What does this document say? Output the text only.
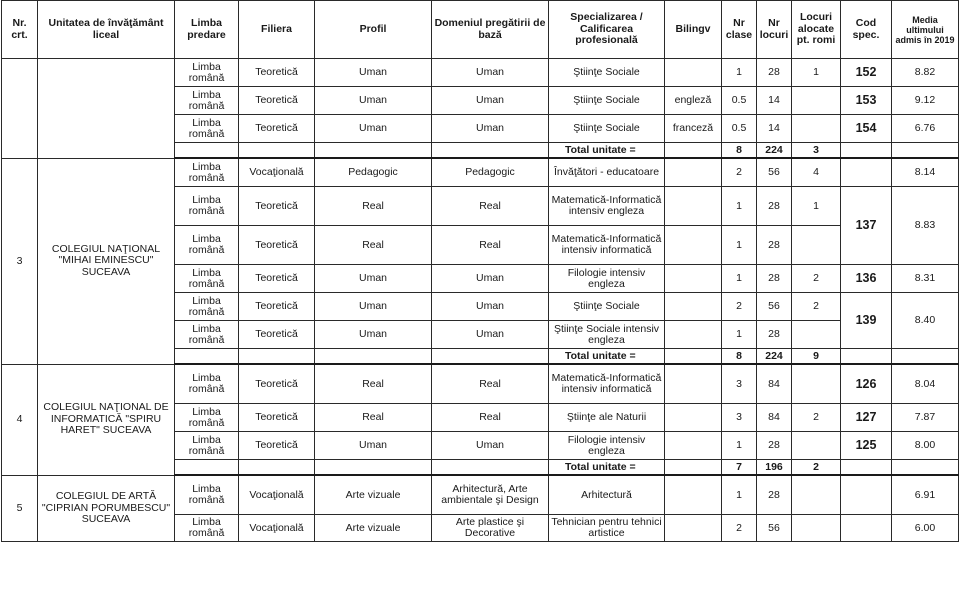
Nr. crt.	Unitatea de învăţământ liceal	Limba predare	Filiera	Profil	Domeniul pregătirii de bază	Specializarea / Calificarea profesională	Bilingv	Nr clase	Nr locuri	Locuri alocate pt. romi	Cod spec.	Media ultimului admis în 2019
		Limba română	Teoretică	Uman	Uman	Ştiinţe Sociale		1	28	1	152	8.82
		Limba română	Teoretică	Uman	Uman	Ştiinţe Sociale	engleză	0.5	14		153	9.12
		Limba română	Teoretică	Uman	Uman	Ştiinţe Sociale	franceză	0.5	14		154	6.76
						Total unitate =		8	224	3		
3	COLEGIUL NAŢIONAL "MIHAI EMINESCU" SUCEAVA	Limba română	Vocaţională	Pedagogic	Pedagogic	Învăţători - educatoare		2	56	4		8.14
		Limba română	Teoretică	Real	Real	Matematică-Informatică intensiv engleza		1	28	1	137	8.83
		Limba română	Teoretică	Real	Real	Matematică-Informatică intensiv informatică		1	28			
		Limba română	Teoretică	Uman	Uman	Filologie intensiv engleza		1	28	2	136	8.31
		Limba română	Teoretică	Uman	Uman	Ştiinţe Sociale		2	56	2	139	8.40
		Limba română	Teoretică	Uman	Uman	Ştiinţe Sociale intensiv engleza		1	28			
						Total unitate =		8	224	9		
4	COLEGIUL NAŢIONAL DE INFORMATICĂ "SPIRU HARET" SUCEAVA	Limba română	Teoretică	Real	Real	Matematică-Informatică intensiv informatică		3	84		126	8.04
		Limba română	Teoretică	Real	Real	Ştiinţe ale Naturii		3	84	2	127	7.87
		Limba română	Teoretică	Uman	Uman	Filologie intensiv engleza		1	28		125	8.00
						Total unitate =		7	196	2		
5	COLEGIUL DE ARTĂ "CIPRIAN PORUMBESCU" SUCEAVA	Limba română	Vocaţională	Arte vizuale	Arhitectură, Arte ambientale şi Design	Arhitectură		1	28			6.91
		Limba română	Vocaţională	Arte vizuale	Arte plastice şi Decorative	Tehnician pentru tehnici artistice		2	56			6.00
